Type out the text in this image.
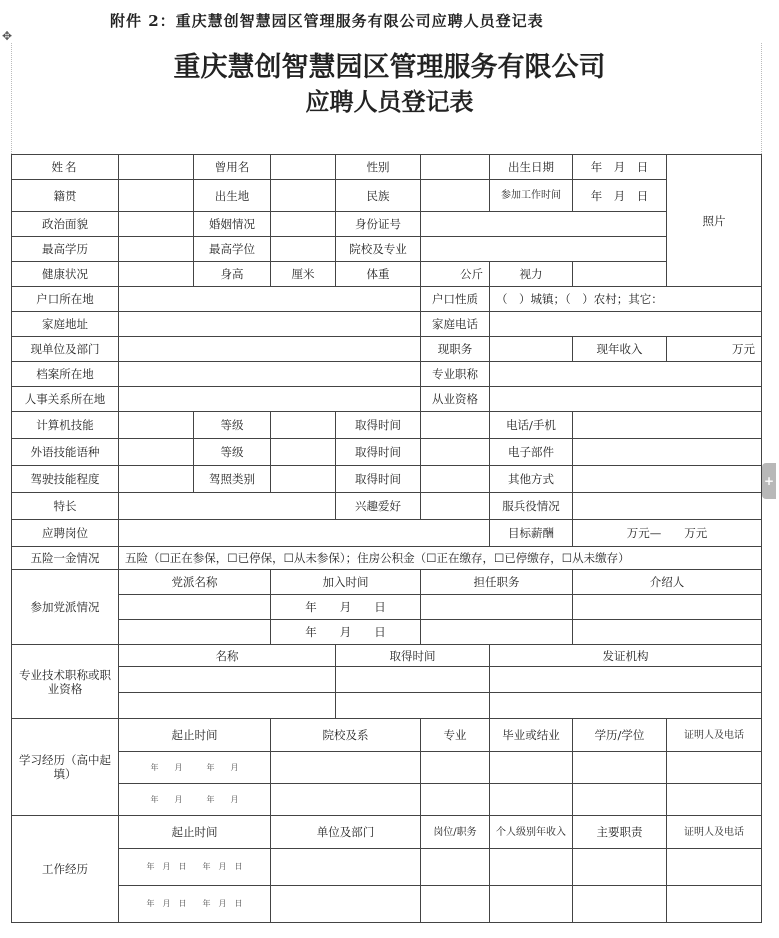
✥
附件 2：重庆慧创智慧园区管理服务有限公司应聘人员登记表
重庆慧创智慧园区管理服务有限公司
应聘人员登记表
姓名		曾用名		性别		出生日期	年　月　日	照片
籍贯		出生地		民族		参加工作时间	年　月　日	
政治面貌		婚姻情况		身份证号				
最高学历		最高学位		院校及专业				
健康状况		身高	厘米	体重	公斤	视力		
户口所在地					户口性质	（　）城镇；（　）农村；其它：		
家庭地址					家庭电话			
现单位及部门					现职务		现年收入	万元
档案所在地					专业职称			
人事关系所在地					从业资格			
计算机技能		等级		取得时间		电话/手机		
外语技能语种		等级		取得时间		电子部件		
驾驶技能程度		驾照类别		取得时间		其他方式		
特长				兴趣爱好		服兵役情况		
应聘岗位						目标薪酬	万元—　　万元	
五险一金情况	五险（☐正在参保，☐已停保，☐从未参保）；住房公积金（☐正在缴存，☐已停缴存，☐从未缴存）							
参加党派情况	党派名称		加入时间		担任职务		介绍人	
			年　　月　　日					
			年　　月　　日					
专业技术职称或职业资格	名称			取得时间		发证机构		

学习经历（高中起填）	起止时间		院校及系		专业	毕业或结业	学历/学位	证明人及电话
	年　　月　　　年　　月							
	年　　月　　　年　　月							
工作经历	起止时间		单位及部门		岗位/职务	个人级别年收入	主要职责	证明人及电话
	年　月　日　　年　月　日							
	年　月　日　　年　月　日							
+
